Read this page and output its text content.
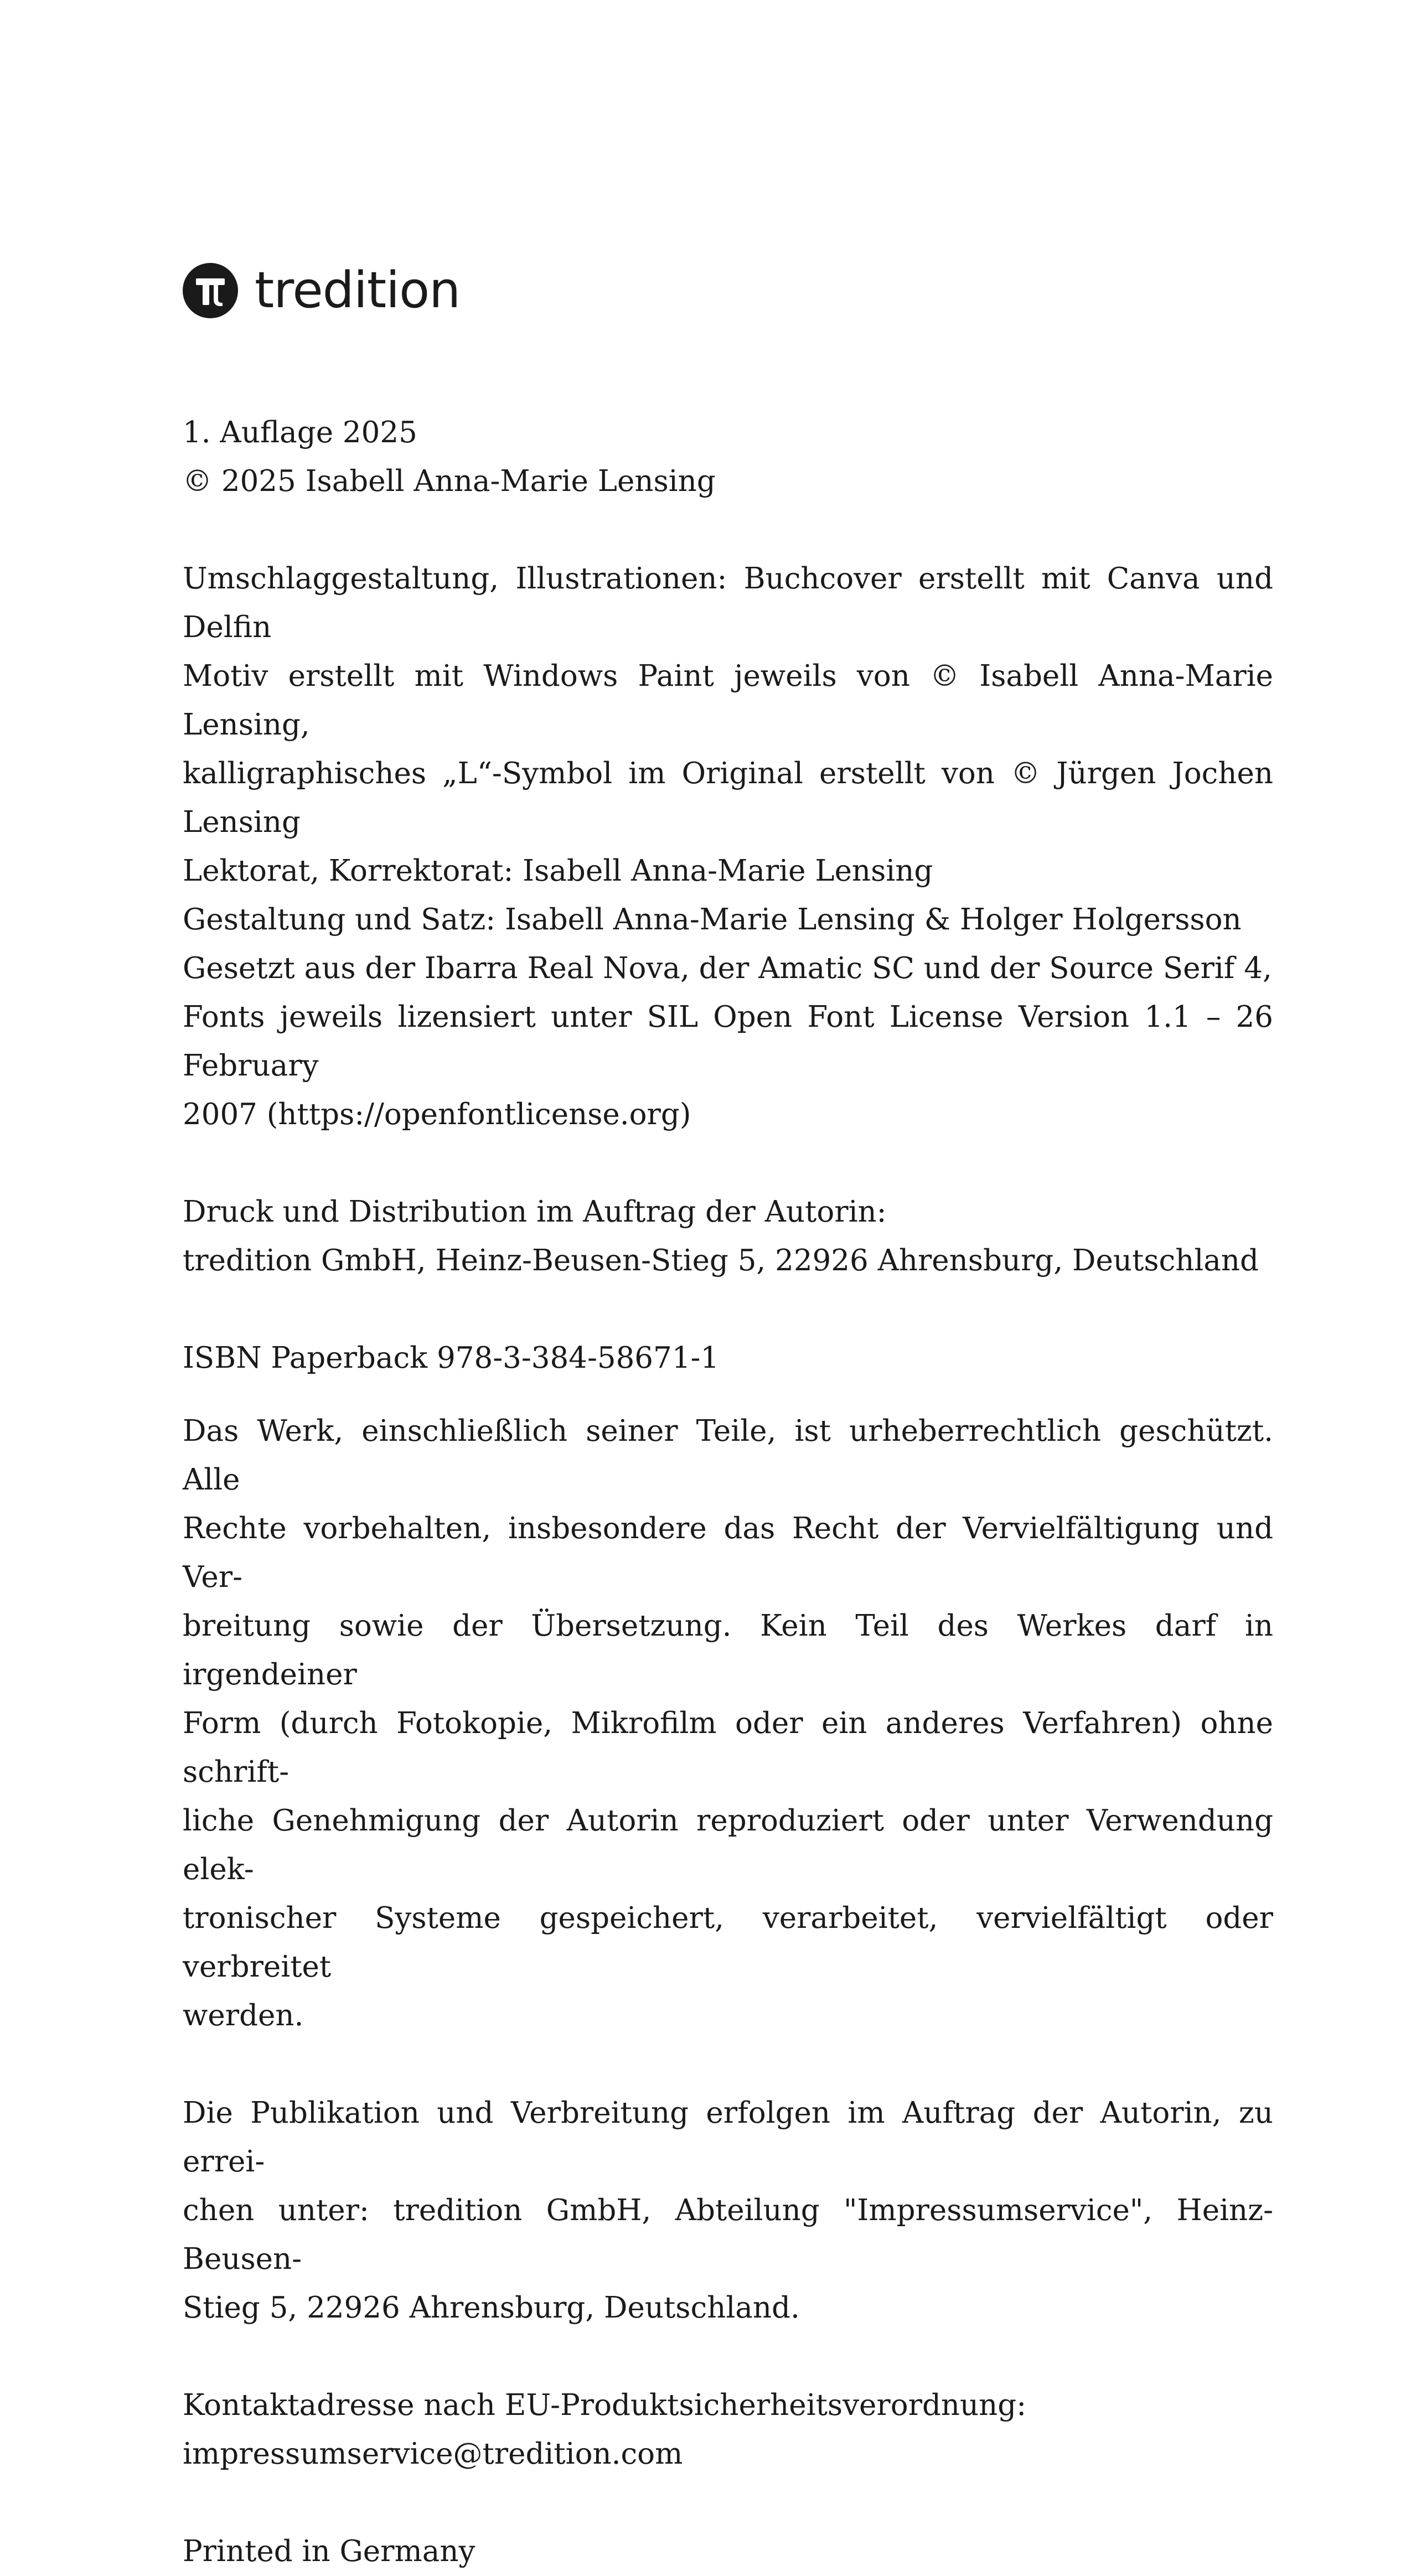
tredition

1. Auflage 2025

© 2025 Isabell Anna-Marie Lensing

Umschlaggestaltung, Illustrationen: Buchcover erstellt mit Canva und Delfin

Motiv erstellt mit Windows Paint jeweils von © Isabell Anna-Marie Lensing,

kalligraphisches „L“-Symbol im Original erstellt von © Jürgen Jochen Lensing

Lektorat, Korrektorat: Isabell Anna-Marie Lensing

Gestaltung und Satz: Isabell Anna-Marie Lensing & Holger Holgersson

Gesetzt aus der Ibarra Real Nova, der Amatic SC und der Source Serif 4,

Fonts jeweils lizensiert unter SIL Open Font License Version 1.1 – 26 February

2007 (https://openfontlicense.org)

Druck und Distribution im Auftrag der Autorin:

tredition GmbH, Heinz-Beusen-Stieg 5, 22926 Ahrensburg, Deutschland

ISBN Paperback 978-3-384-58671-1

Das Werk, einschließlich seiner Teile, ist urheberrechtlich geschützt. Alle

Rechte vorbehalten, insbesondere das Recht der Vervielfältigung und Ver-

breitung sowie der Übersetzung. Kein Teil des Werkes darf in irgendeiner

Form (durch Fotokopie, Mikrofilm oder ein anderes Verfahren) ohne schrift-

liche Genehmigung der Autorin reproduziert oder unter Verwendung elek-

tronischer Systeme gespeichert, verarbeitet, vervielfältigt oder verbreitet

werden.

Die Publikation und Verbreitung erfolgen im Auftrag der Autorin, zu errei-

chen unter: tredition GmbH, Abteilung "Impressumservice", Heinz-Beusen-

Stieg 5, 22926 Ahrensburg, Deutschland.

Kontaktadresse nach EU-Produktsicherheitsverordnung:

impressumservice@tredition.com

Printed in Germany
